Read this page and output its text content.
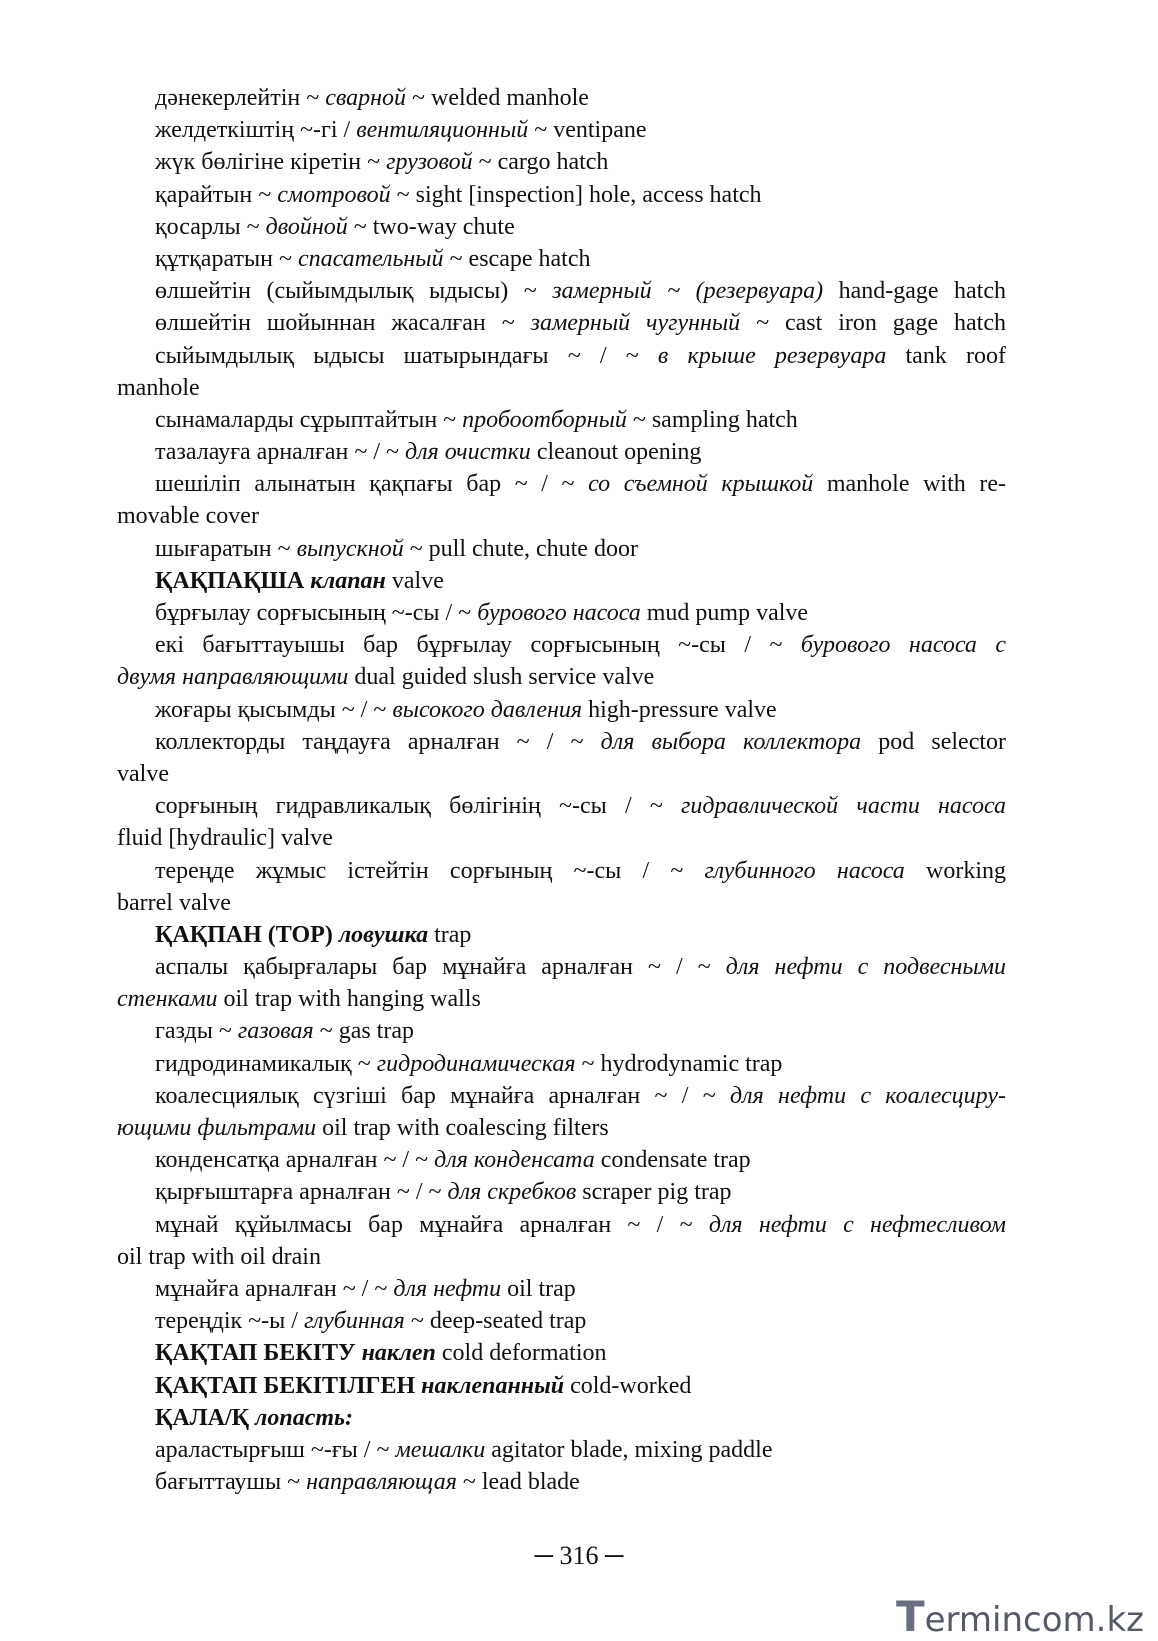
дәнекерлейтін ~ сварной ~ welded manhole
желдеткіштің ~-гі / вентиляционный ~ ventipane
жүк бөлігіне кіретін ~ грузовой ~ cargo hatch
қарайтын ~ смотровой ~ sight [inspection] hole, access hatch
қосарлы ~ двойной ~ two-way chute
құтқаратын ~ спасательный ~ escape hatch
өлшейтін (сыйымдылық ыдысы) ~ замерный ~ (резервуара) hand-gage hatch
өлшейтін шойыннан жасалған ~ замерный чугунный ~ cast iron gage hatch
сыйымдылық ыдысы шатырындағы ~ / ~ в крыше резервуара tank roof
manhole
сынамаларды сұрыптайтын ~ пробоотборный ~ sampling hatch
тазалауға арналған ~ / ~ для очистки cleanout opening
шешіліп алынатын қақпағы бар ~ / ~ со съемной крышкой manhole with re-
movable cover
шығаратын ~ выпускной ~ pull chute, chute door
ҚАҚПАҚША клапан valve
бұрғылау сорғысының ~-сы / ~ бурового насоса mud pump valve
екі бағыттауышы бар бұрғылау сорғысының ~-сы / ~ бурового насоса с
двумя направляющими dual guided slush service valve
жоғары қысымды ~ / ~ высокого давления high-pressure valve
коллекторды таңдауға арналған ~ / ~ для выбора коллектора pod selector
valve
сорғының гидравликалық бөлігінің ~-сы / ~ гидравлической части насоса
fluid [hydraulic] valve
тереңде жұмыс істейтін сорғының ~-сы / ~ глубинного насоса working
barrel valve
ҚАҚПАН (ТОР) ловушка trap
аспалы қабырғалары бар мұнайға арналған ~ / ~ для нефти с подвесными
стенками oil trap with hanging walls
газды ~ газовая ~ gas trap
гидродинамикалық ~ гидродинамическая ~ hydrodynamic trap
коалесциялық сүзгіші бар мұнайға арналған ~ / ~ для нефти с коалесциру-
ющими фильтрами oil trap with coalescing filters
конденсатқа арналған ~ / ~ для конденсата condensate trap
қырғыштарға арналған ~ / ~ для скребков scraper pig trap
мұнай құйылмасы бар мұнайға арналған ~ / ~ для нефти с нефтесливом
oil trap with oil drain
мұнайға арналған ~ / ~ для нефти oil trap
тереңдік ~-ы / глубинная ~ deep-seated trap
ҚАҚТАП БЕКІТУ наклеп cold deformation
ҚАҚТАП БЕКІТІЛГЕН наклепанный cold-worked
ҚАЛА/Қ лопасть:
араластырғыш ~-ғы / ~ мешалки agitator blade, mixing paddle
бағыттаушы ~ направляющая ~ lead blade
─ 316 ─
Termincom.kz
